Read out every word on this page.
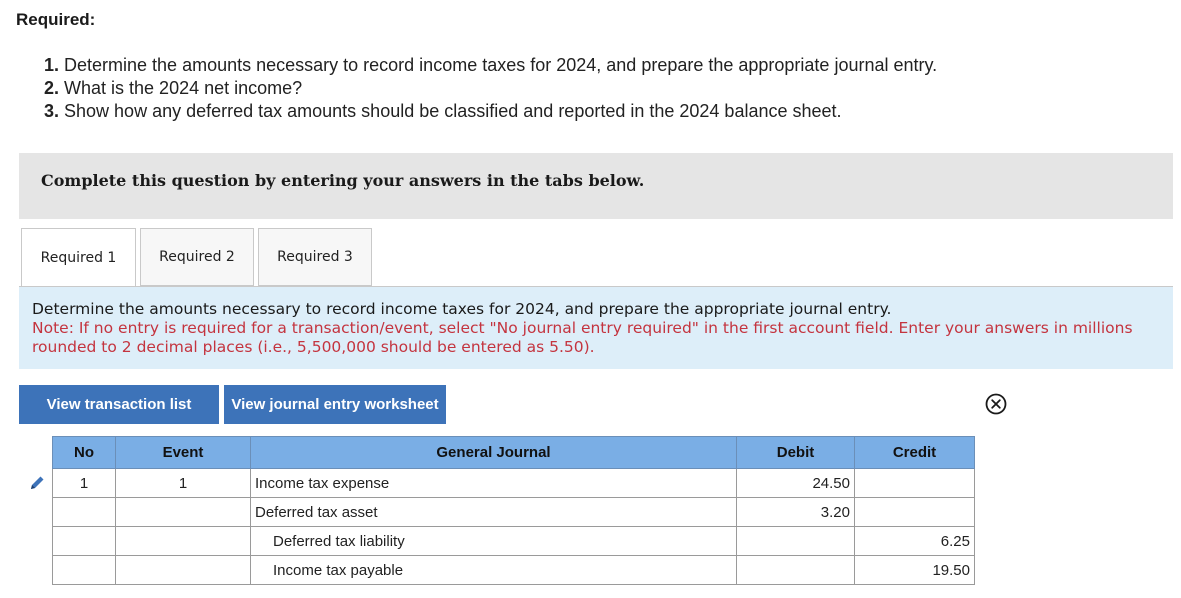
Required:
1. Determine the amounts necessary to record income taxes for 2024, and prepare the appropriate journal entry.
2. What is the 2024 net income?
3. Show how any deferred tax amounts should be classified and reported in the 2024 balance sheet.
Complete this question by entering your answers in the tabs below.
Required 1	Required 2	Required 3
Determine the amounts necessary to record income taxes for 2024, and prepare the appropriate journal entry.
Note: If no entry is required for a transaction/event, select "No journal entry required" in the first account field. Enter your answers in millions rounded to 2 decimal places (i.e., 5,500,000 should be entered as 5.50).
View transaction list	View journal entry worksheet
No	Event	General Journal	Debit	Credit
1	1	Income tax expense	24.50	
		Deferred tax asset	3.20	
		Deferred tax liability		6.25
		Income tax payable		19.50
